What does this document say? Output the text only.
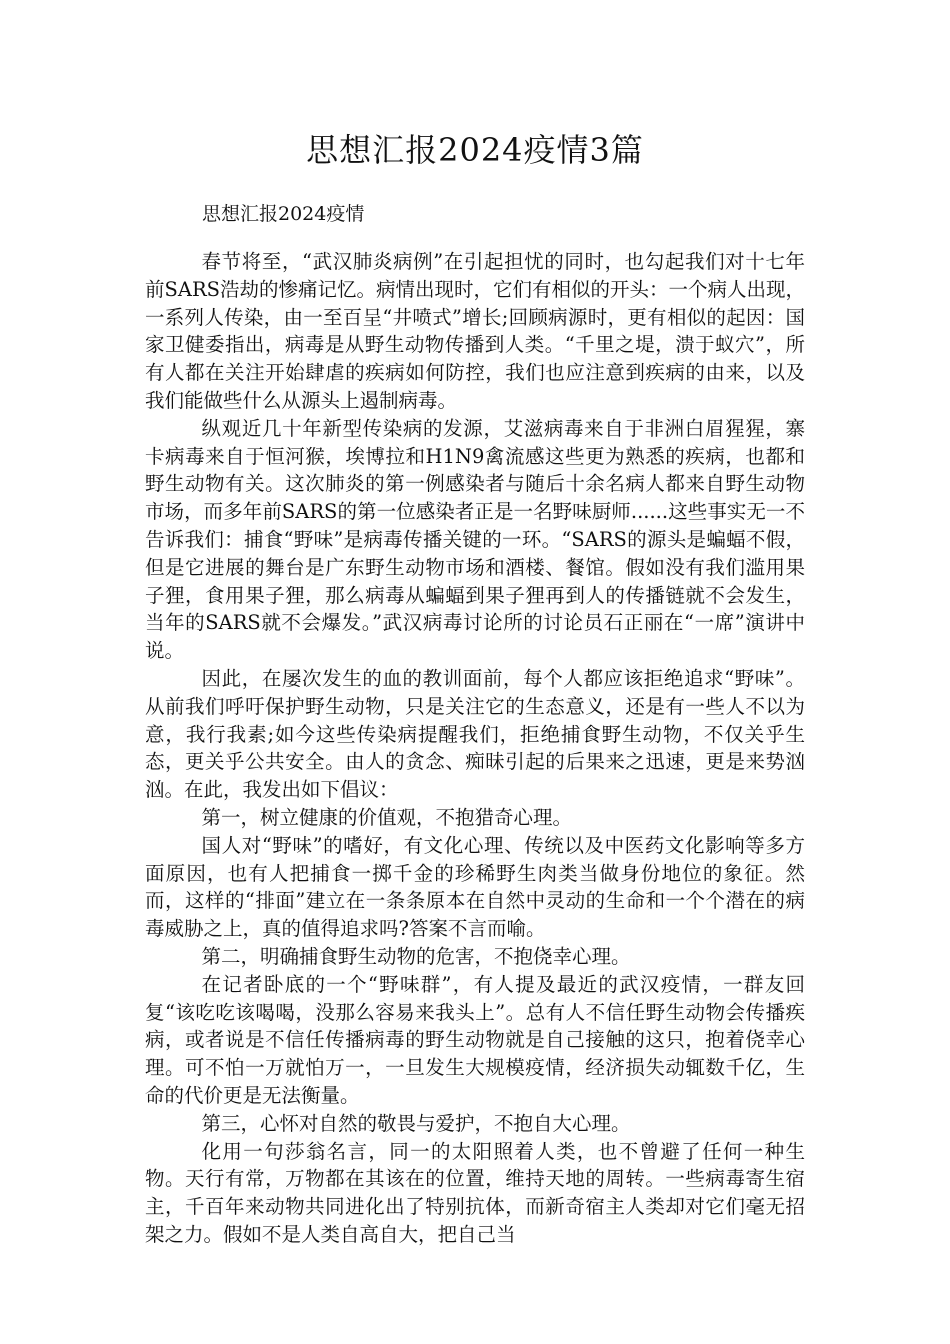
思想汇报2024疫情3篇

思想汇报2024疫情

春节将至，“武汉肺炎病例”在引起担忧的同时，也勾起我们对十七年前SARS浩劫的惨痛记忆。病情出现时，它们有相似的开头：一个病人出现，一系列人传染，由一至百呈“井喷式”增长;回顾病源时，更有相似的起因：国家卫健委指出，病毒是从野生动物传播到人类。“千里之堤，溃于蚁穴”，所有人都在关注开始肆虐的疾病如何防控，我们也应注意到疾病的由来，以及我们能做些什么从源头上遏制病毒。

纵观近几十年新型传染病的发源，艾滋病毒来自于非洲白眉猩猩，寨卡病毒来自于恒河猴，埃博拉和H1N9禽流感这些更为熟悉的疾病，也都和野生动物有关。这次肺炎的第一例感染者与随后十余名病人都来自野生动物市场，而多年前SARS的第一位感染者正是一名野味厨师......这些事实无一不告诉我们：捕食“野味”是病毒传播关键的一环。“SARS的源头是蝙蝠不假，但是它进展的舞台是广东野生动物市场和酒楼、餐馆。假如没有我们滥用果子狸，食用果子狸，那么病毒从蝙蝠到果子狸再到人的传播链就不会发生，当年的SARS就不会爆发。”武汉病毒讨论所的讨论员石正丽在“一席”演讲中说。

因此，在屡次发生的血的教训面前，每个人都应该拒绝追求“野味”。从前我们呼吁保护野生动物，只是关注它的生态意义，还是有一些人不以为意，我行我素;如今这些传染病提醒我们，拒绝捕食野生动物，不仅关乎生态，更关乎公共安全。由人的贪念、痴昧引起的后果来之迅速，更是来势汹汹。在此，我发出如下倡议：

第一，树立健康的价值观，不抱猎奇心理。

国人对“野味”的嗜好，有文化心理、传统以及中医药文化影响等多方面原因，也有人把捕食一掷千金的珍稀野生肉类当做身份地位的象征。然而，这样的“排面”建立在一条条原本在自然中灵动的生命和一个个潜在的病毒威胁之上，真的值得追求吗?答案不言而喻。

第二，明确捕食野生动物的危害，不抱侥幸心理。

在记者卧底的一个“野味群”，有人提及最近的武汉疫情，一群友回复“该吃吃该喝喝，没那么容易来我头上”。总有人不信任野生动物会传播疾病，或者说是不信任传播病毒的野生动物就是自己接触的这只，抱着侥幸心理。可不怕一万就怕万一，一旦发生大规模疫情，经济损失动辄数千亿，生命的代价更是无法衡量。

第三，心怀对自然的敬畏与爱护，不抱自大心理。

化用一句莎翁名言，同一的太阳照着人类，也不曾避了任何一种生物。天行有常，万物都在其该在的位置，维持天地的周转。一些病毒寄生宿主，千百年来动物共同进化出了特别抗体，而新奇宿主人类却对它们毫无招架之力。假如不是人类自高自大，把自己当
